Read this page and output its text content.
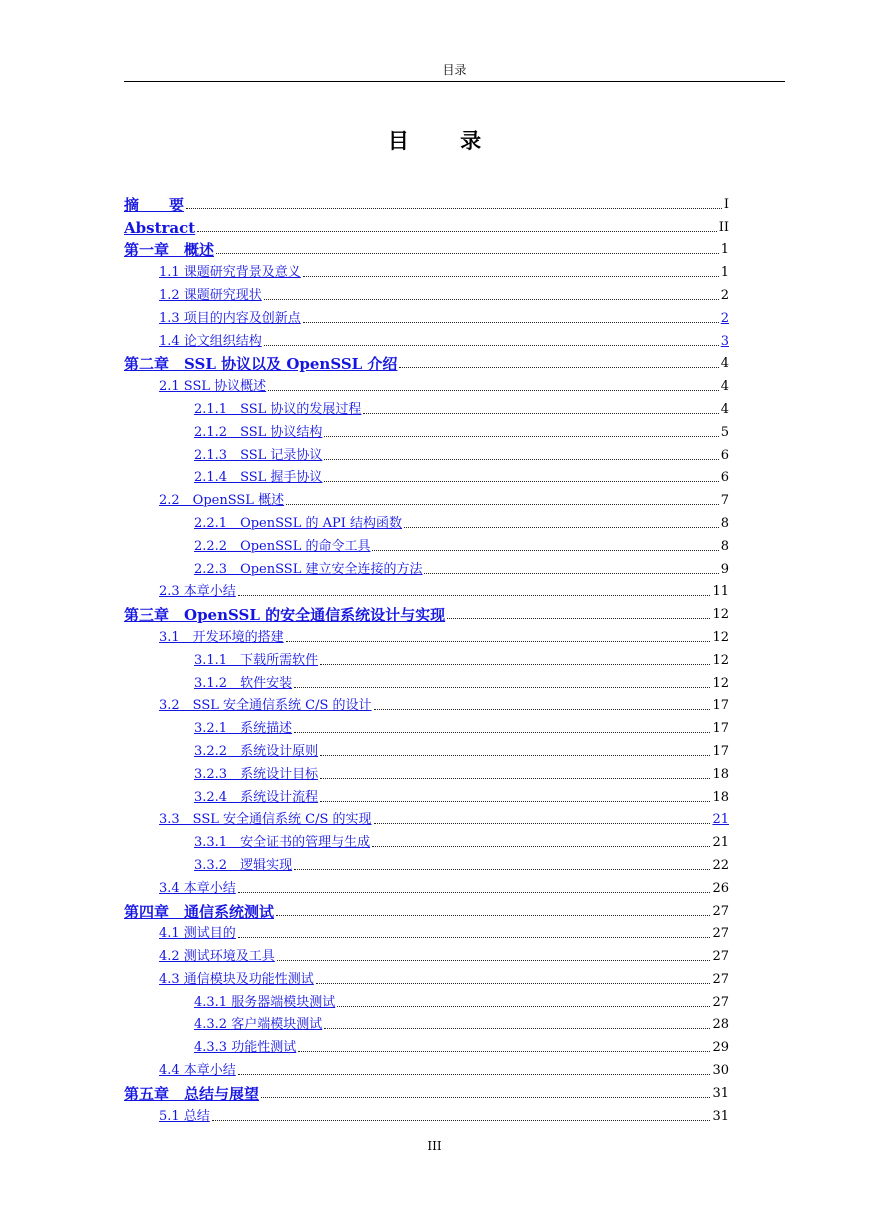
目录
目 录
摘　　要	I
Abstract	II
第一章　概述	1
1.1 课题研究背景及意义	1
1.2 课题研究现状	2
1.3 项目的内容及创新点	2
1.4 论文组织结构	3
第二章　SSL 协议以及 OpenSSL 介绍	4
2.1 SSL 协议概述	4
2.1.1　SSL 协议的发展过程	4
2.1.2　SSL 协议结构	5
2.1.3　SSL 记录协议	6
2.1.4　SSL 握手协议	6
2.2　OpenSSL 概述	7
2.2.1　OpenSSL 的 API 结构函数	8
2.2.2　OpenSSL 的命令工具	8
2.2.3　OpenSSL 建立安全连接的方法	9
2.3 本章小结	11
第三章　OpenSSL 的安全通信系统设计与实现	12
3.1　开发环境的搭建	12
3.1.1　下载所需软件	12
3.1.2　软件安装	12
3.2　SSL 安全通信系统 C/S 的设计	17
3.2.1　系统描述	17
3.2.2　系统设计原则	17
3.2.3　系统设计目标	18
3.2.4　系统设计流程	18
3.3　SSL 安全通信系统 C/S 的实现	21
3.3.1　安全证书的管理与生成	21
3.3.2　逻辑实现	22
3.4 本章小结	26
第四章　通信系统测试	27
4.1 测试目的	27
4.2 测试环境及工具	27
4.3 通信模块及功能性测试	27
4.3.1 服务器端模块测试	27
4.3.2 客户端模块测试	28
4.3.3 功能性测试	29
4.4 本章小结	30
第五章　总结与展望	31
5.1 总结	31
III
